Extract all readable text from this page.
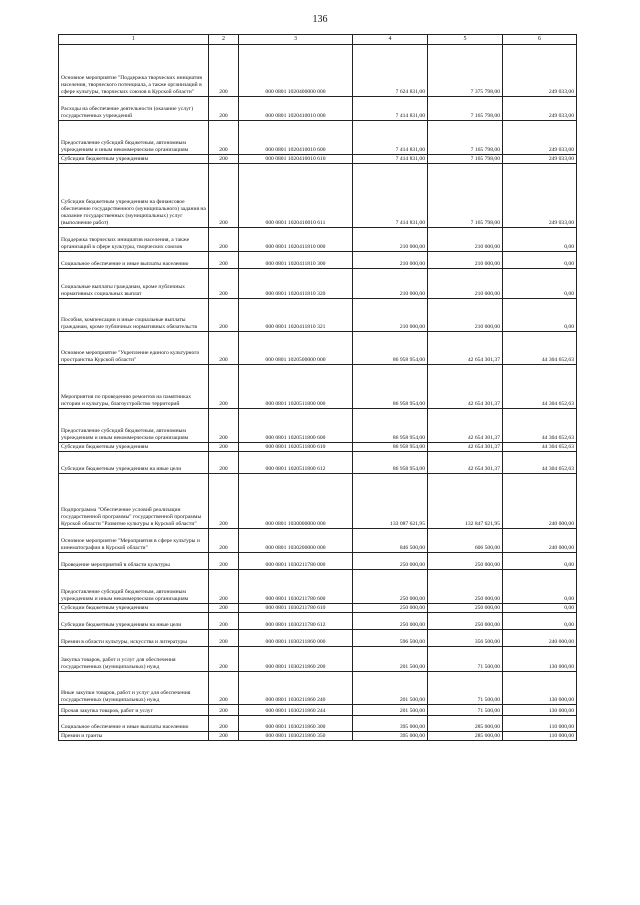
136
1	2	3	4	5	6
Основное мероприятие "Поддержка творческих инициатив населения, творческого потенциала, а также организаций в сфере культуры, творческих союзов в Курской области"	200	000 0801 1020400000 000	7 624 831,00	7 375 798,00	249 033,00
Расходы на обеспечение деятельности (оказание услуг) государственных учреждений	200	000 0801 1020410010 000	7 414 831,00	7 165 798,00	249 033,00
Предоставление субсидий бюджетным, автономным учреждениям и иным некоммерческим организациям	200	000 0801 1020410010 600	7 414 831,00	7 165 798,00	249 033,00
Субсидии бюджетным учреждениям	200	000 0801 1020410010 610	7 414 831,00	7 165 798,00	249 033,00
Субсидии бюджетным учреждениям на финансовое обеспечение государственного (муниципального) задания на оказание государственных (муниципальных) услуг (выполнение работ)	200	000 0801 1020410010 611	7 414 831,00	7 165 798,00	249 033,00
Поддержка творческих инициатив населения, а также организаций в сфере культуры, творческих союзов	200	000 0801 1020411810 000	210 000,00	210 000,00	0,00
Социальное обеспечение и иные выплаты населению	200	000 0801 1020411810 300	210 000,00	210 000,00	0,00
Социальные выплаты гражданам, кроме публичных нормативных социальных выплат	200	000 0801 1020411810 320	210 000,00	210 000,00	0,00
Пособия, компенсации и иные социальные выплаты гражданам, кроме публичных нормативных обязательств	200	000 0801 1020411810 321	210 000,00	210 000,00	0,00
Основное мероприятие "Укрепление единого культурного пространства Курской области"	200	000 0801 1020500000 000	86 958 954,00	42 654 301,37	44 304 652,63
Мероприятия по проведению ремонтов на памятниках истории и культуры, благоустройство территорий	200	000 0801 1020511800 000	86 958 954,00	42 654 301,37	44 304 652,63
Предоставление субсидий бюджетным, автономным учреждениям и иным некоммерческим организациям	200	000 0801 1020511800 600	86 958 954,00	42 654 301,37	44 304 652,63
Субсидии бюджетным учреждениям	200	000 0801 1020511800 610	86 958 954,00	42 654 301,37	44 304 652,63
Субсидии бюджетным учреждениям на иные цели	200	000 0801 1020511800 612	86 958 954,00	42 654 301,37	44 304 652,63
Подпрограмма "Обеспечение условий реализации государственной программы" государственной программы Курской области "Развитие культуры в Курской области"	200	000 0801 1030000000 000	133 087 621,95	132 847 621,95	240 000,00
Основное мероприятие "Мероприятия в сфере культуры и кинематографии в Курской области"	200	000 0801 1030200000 000	846 500,00	606 500,00	240 000,00
Проведение мероприятий в области культуры	200	000 0801 1030211780 000	250 000,00	250 000,00	0,00
Предоставление субсидий бюджетным, автономным учреждениям и иным некоммерческим организациям	200	000 0801 1030211780 600	250 000,00	250 000,00	0,00
Субсидии бюджетным учреждениям	200	000 0801 1030211780 610	250 000,00	250 000,00	0,00
Субсидии бюджетным учреждениям на иные цели	200	000 0801 1030211780 612	250 000,00	250 000,00	0,00
Премии в области культуры, искусства и литературы	200	000 0801 1030211860 000	596 500,00	356 500,00	240 000,00
Закупка товаров, работ и услуг для обеспечения государственных (муниципальных) нужд	200	000 0801 1030211860 200	201 500,00	71 500,00	130 000,00
Иные закупки товаров, работ и услуг для обеспечения государственных (муниципальных) нужд	200	000 0801 1030211860 240	201 500,00	71 500,00	130 000,00
Прочая закупка товаров, работ и услуг	200	000 0801 1030211860 244	201 500,00	71 500,00	130 000,00
Социальное обеспечение и иные выплаты населению	200	000 0801 1030211860 300	395 000,00	285 000,00	110 000,00
Премии и гранты	200	000 0801 1030211860 350	395 000,00	285 000,00	110 000,00
